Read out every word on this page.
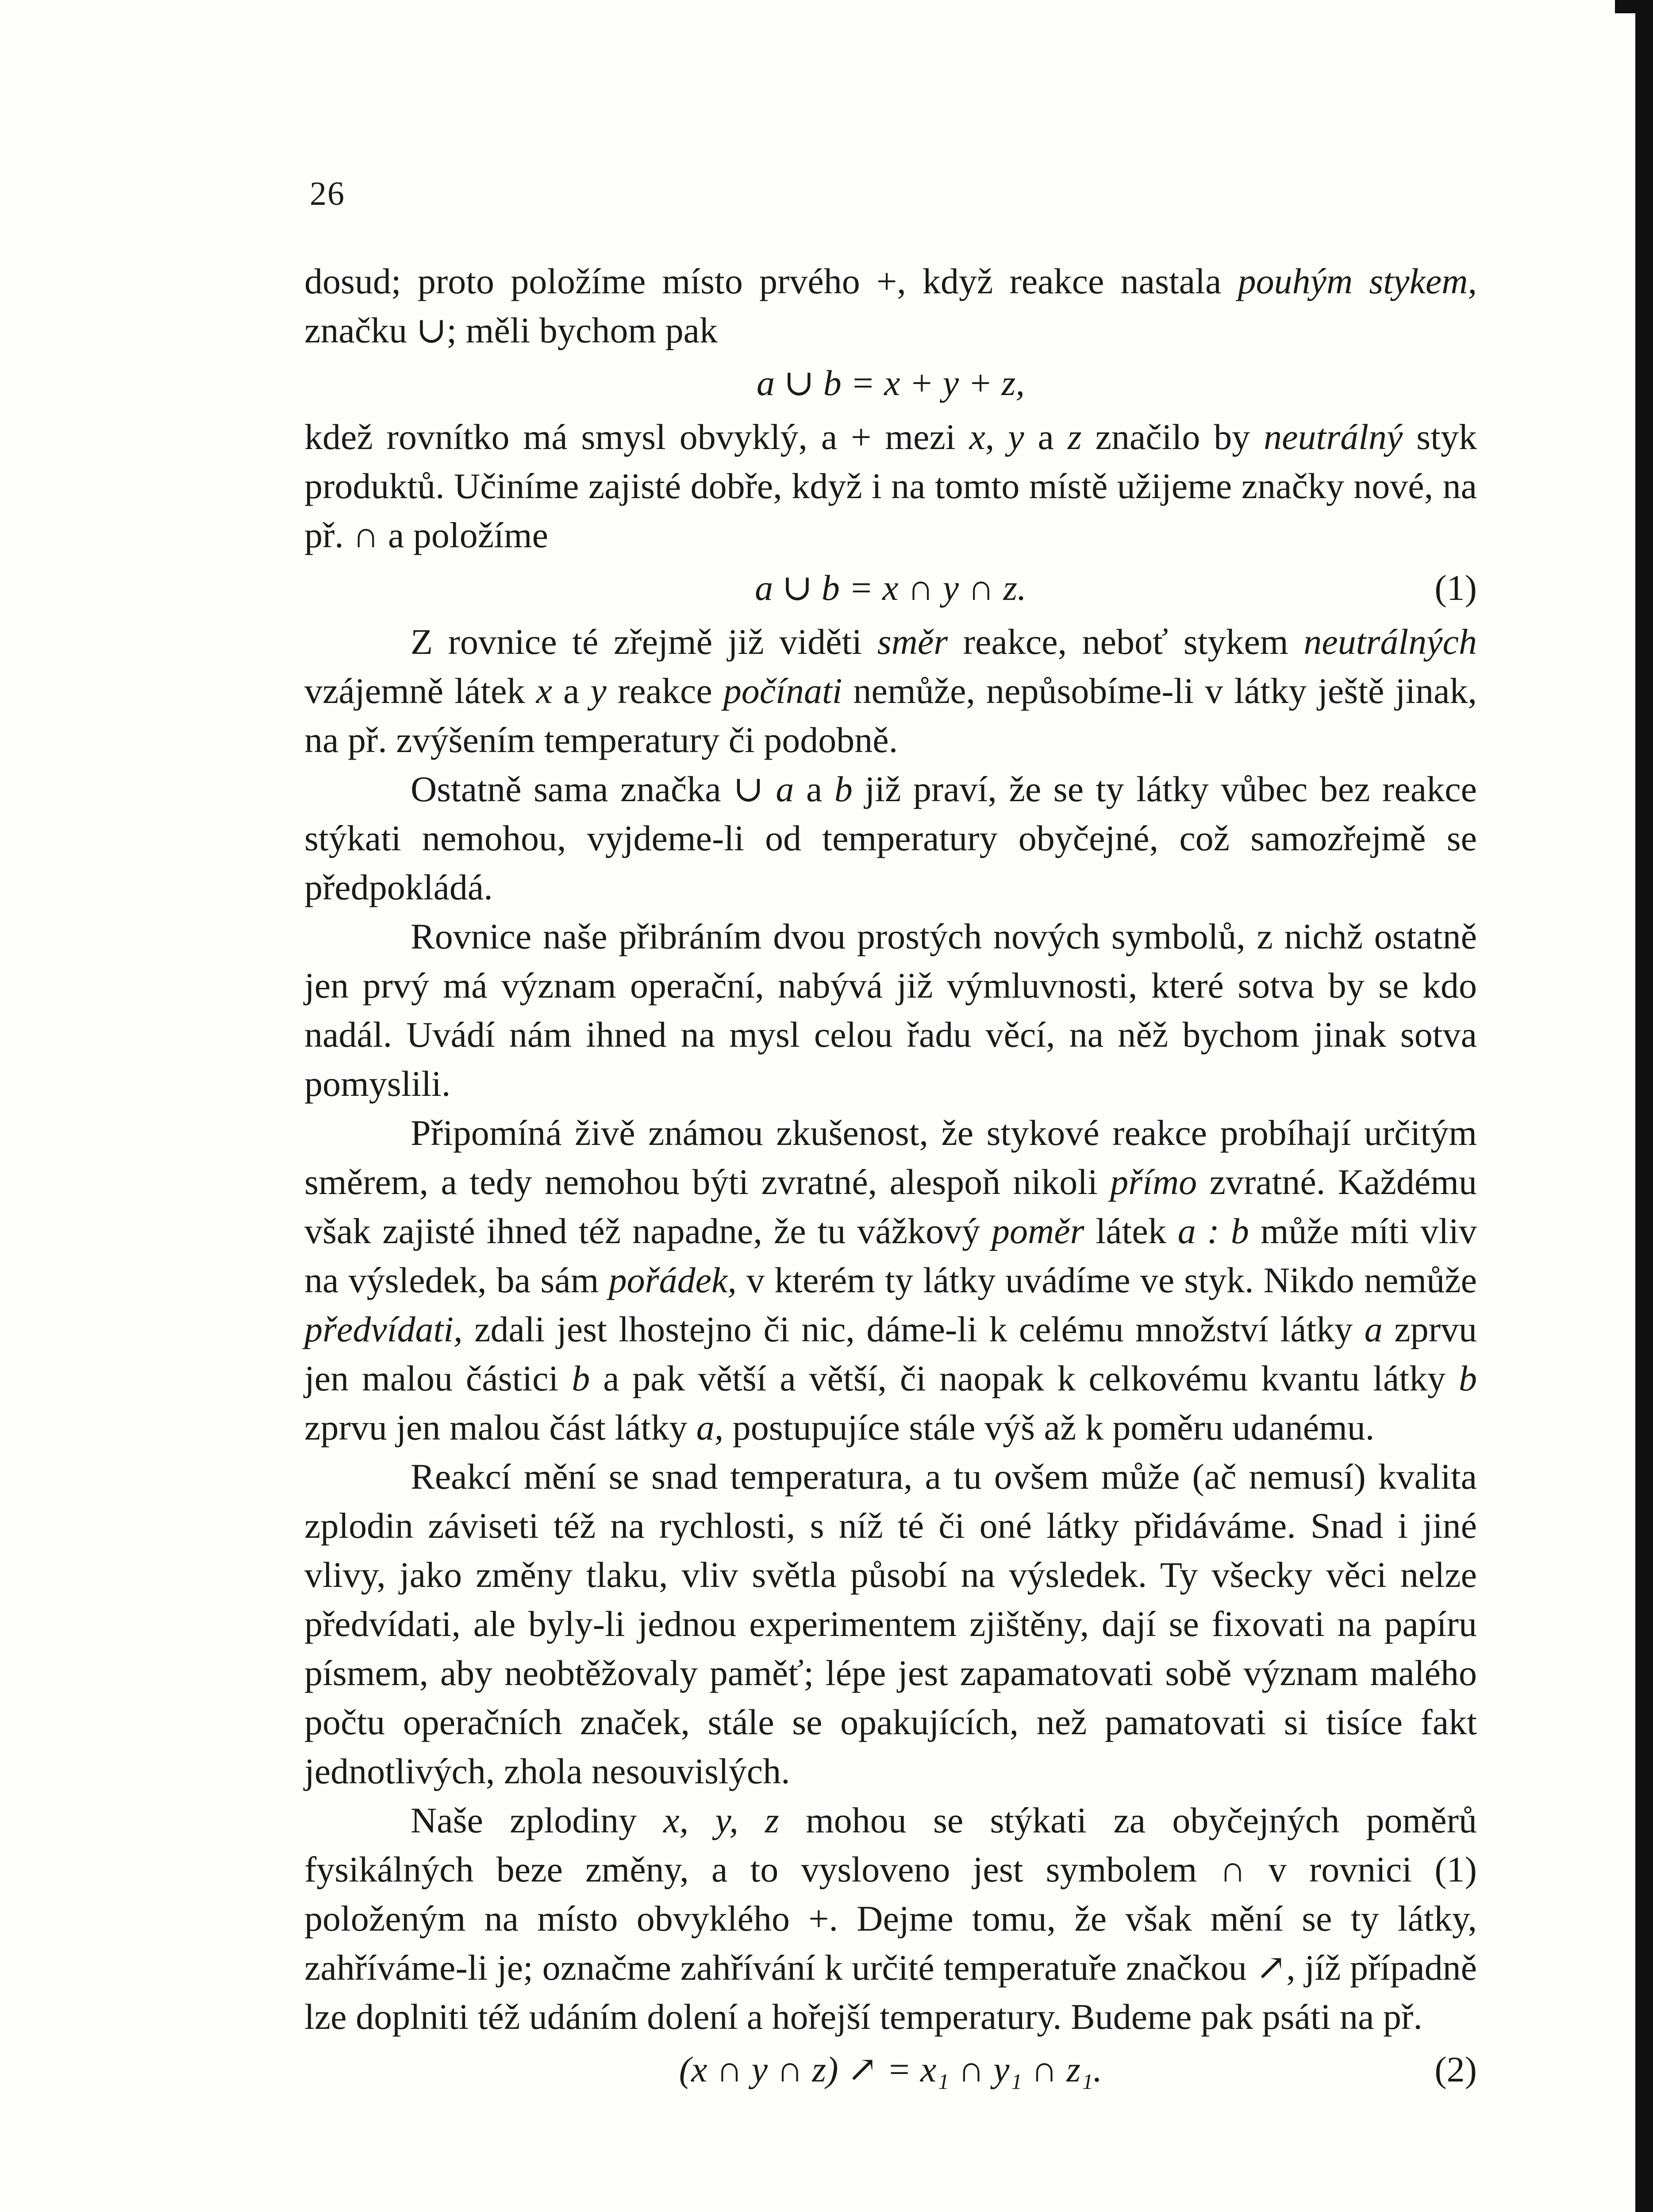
26

dosud; proto položíme místo prvého +, když reakce nastala pouhým stykem, značku ∪; měli bychom pak

a ∪ b = x + y + z,

kdež rovnítko má smysl obvyklý, a + mezi x, y a z značilo by neutrálný styk produktů. Učiníme zajisté dobře, když i na tomto místě užijeme značky nové, na př. ∩ a položíme

a ∪ b = x ∩ y ∩ z.	(1)

Z rovnice té zřejmě již viděti směr reakce, neboť stykem neutrálných vzájemně látek x a y reakce počínati nemůže, nepůsobíme-li v látky ještě jinak, na př. zvýšením temperatury či podobně.

Ostatně sama značka ∪ a a b již praví, že se ty látky vůbec bez reakce stýkati nemohou, vyjdeme-li od temperatury obyčejné, což samozřejmě se předpokládá.

Rovnice naše přibráním dvou prostých nových symbolů, z nichž ostatně jen prvý má význam operační, nabývá již výmluvnosti, které sotva by se kdo nadál. Uvádí nám ihned na mysl celou řadu věcí, na něž bychom jinak sotva pomyslili.

Připomíná živě známou zkušenost, že stykové reakce probíhají určitým směrem, a tedy nemohou býti zvratné, alespoň nikoli přímo zvratné. Každému však zajisté ihned též napadne, že tu vážkový poměr látek a : b může míti vliv na výsledek, ba sám pořádek, v kterém ty látky uvádíme ve styk. Nikdo nemůže předvídati, zdali jest lhostejno či nic, dáme-li k celému množství látky a zprvu jen malou částici b a pak větší a větší, či naopak k celkovému kvantu látky b zprvu jen malou část látky a, postupujíce stále výš až k poměru udanému.

Reakcí mění se snad temperatura, a tu ovšem může (ač nemusí) kvalita zplodin záviseti též na rychlosti, s níž té či oné látky přidáváme. Snad i jiné vlivy, jako změny tlaku, vliv světla působí na výsledek. Ty všecky věci nelze předvídati, ale byly-li jednou experimentem zjištěny, dají se fixovati na papíru písmem, aby neobtěžovaly paměť; lépe jest zapamatovati sobě význam malého počtu operačních značek, stále se opakujících, než pamatovati si tisíce fakt jednotlivých, zhola nesouvislých.

Naše zplodiny x, y, z mohou se stýkati za obyčejných poměrů fysikálných beze změny, a to vysloveno jest symbolem ∩ v rovnici (1) položeným na místo obvyklého +. Dejme tomu, že však mění se ty látky, zahříváme-li je; označme zahřívání k určité temperatuře značkou ↗, jíž případně lze doplniti též udáním dolení a hořejší temperatury. Budeme pak psáti na př.

(x ∩ y ∩ z) ↗ = x₁ ∩ y₁ ∩ z₁.	(2)
